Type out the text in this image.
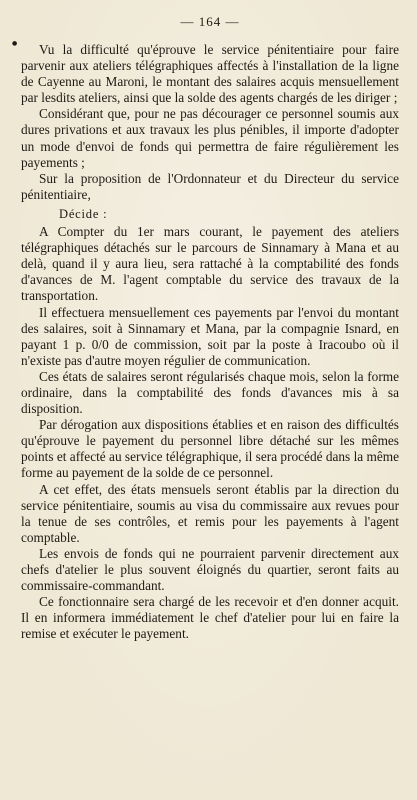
●
— 164 —

Vu la difficulté qu'éprouve le service pénitentiaire pour faire parvenir aux ateliers télégraphiques affectés à l'installation de la ligne de Cayenne au Maroni, le montant des salaires acquis mensuellement par lesdits ateliers, ainsi que la solde des agents chargés de les diriger ;

Considérant que, pour ne pas décourager ce personnel soumis aux dures privations et aux travaux les plus pénibles, il importe d'adopter un mode d'envoi de fonds qui permettra de faire régulièrement les payements ;

Sur la proposition de l'Ordonnateur et du Directeur du service pénitentiaire,

Décide :

A Compter du 1er mars courant, le payement des ateliers télégraphiques détachés sur le parcours de Sinnamary à Mana et au delà, quand il y aura lieu, sera rattaché à la comptabilité des fonds d'avances de M. l'agent comptable du service des travaux de la transportation.

Il effectuera mensuellement ces payements par l'envoi du montant des salaires, soit à Sinnamary et Mana, par la compagnie Isnard, en payant 1 p. 0/0 de commission, soit par la poste à Iracoubo où il n'existe pas d'autre moyen régulier de communication.

Ces états de salaires seront régularisés chaque mois, selon la forme ordinaire, dans la comptabilité des fonds d'avances mis à sa disposition.

Par dérogation aux dispositions établies et en raison des difficultés qu'éprouve le payement du personnel libre détaché sur les mêmes points et affecté au service télégraphique, il sera procédé dans la même forme au payement de la solde de ce personnel.

A cet effet, des états mensuels seront établis par la direction du service pénitentiaire, soumis au visa du commissaire aux revues pour la tenue de ses contrôles, et remis pour les payements à l'agent comptable.

Les envois de fonds qui ne pourraient parvenir directement aux chefs d'atelier le plus souvent éloignés du quartier, seront faits au commissaire-commandant.

Ce fonctionnaire sera chargé de les recevoir et d'en donner acquit. Il en informera immédiatement le chef d'atelier pour lui en faire la remise et exécuter le payement.
